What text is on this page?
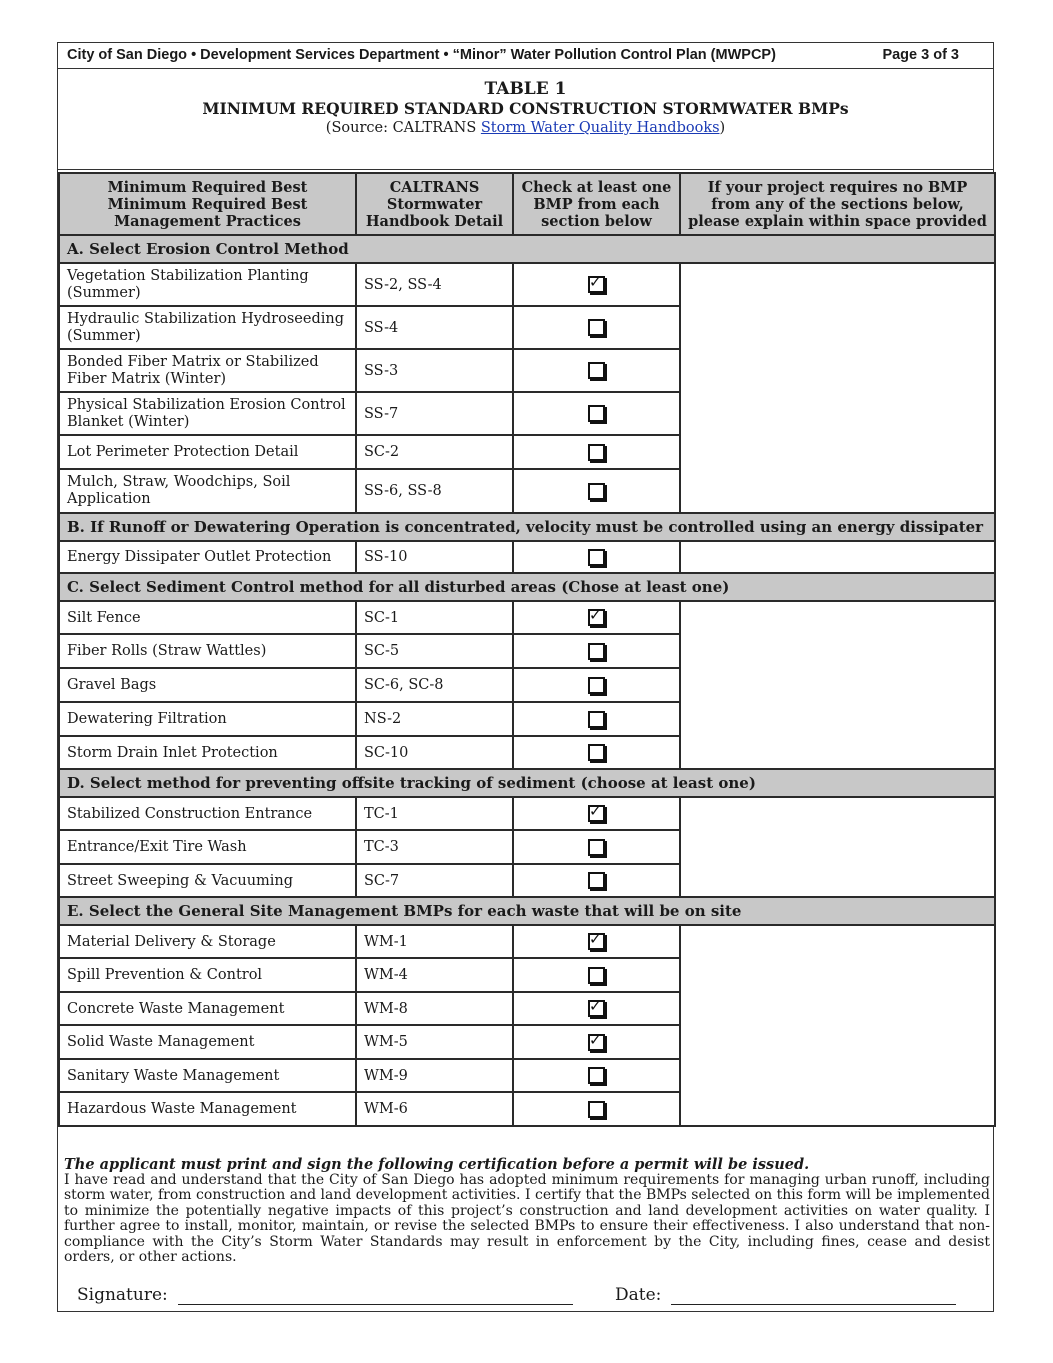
City of San Diego • Development Services Department • “Minor” Water Pollution Control Plan (MWPCP)	Page 3 of 3
TABLE 1
MINIMUM REQUIRED STANDARD CONSTRUCTION STORMWATER BMPs
(Source: CALTRANS Storm Water Quality Handbooks)
Minimum Required Best Minimum Required Best Management Practices	CALTRANS Stormwater Handbook Detail	Check at least one BMP from each section below	If your project requires no BMP from any of the sections below, please explain within space provided
A. Select Erosion Control Method			
Vegetation Stabilization Planting (Summer)	SS-2, SS-4	✓	
Hydraulic Stabilization Hydroseeding (Summer)	SS-4		
Bonded Fiber Matrix or Stabilized Fiber Matrix (Winter)	SS-3		
Physical Stabilization Erosion Control Blanket (Winter)	SS-7		
Lot Perimeter Protection Detail	SC-2		
Mulch, Straw, Woodchips, Soil Application	SS-6, SS-8		
B. If Runoff or Dewatering Operation is concentrated, velocity must be controlled using an energy dissipater			
Energy Dissipater Outlet Protection	SS-10		
C. Select Sediment Control method for all disturbed areas (Chose at least one)			
Silt Fence	SC-1	✓	
Fiber Rolls (Straw Wattles)	SC-5		
Gravel Bags	SC-6, SC-8		
Dewatering Filtration	NS-2		
Storm Drain Inlet Protection	SC-10		
D. Select method for preventing offsite tracking of sediment (choose at least one)			
Stabilized Construction Entrance	TC-1	✓	
Entrance/Exit Tire Wash	TC-3		
Street Sweeping & Vacuuming	SC-7		
E. Select the General Site Management BMPs for each waste that will be on site			
Material Delivery & Storage	WM-1	✓	
Spill Prevention & Control	WM-4		
Concrete Waste Management	WM-8	✓
Solid Waste Management	WM-5	✓
Sanitary Waste Management	WM-9		
Hazardous Waste Management	WM-6		
The applicant must print and sign the following certification before a permit will be issued.
I have read and understand that the City of San Diego has adopted minimum requirements for managing urban runoff, including storm water, from construction and land development activities. I certify that the BMPs selected on this form will be implemented to minimize the potentially negative impacts of this project’s construction and land development activities on water quality. I further agree to install, monitor, maintain, or revise the selected BMPs to ensure their effectiveness. I also understand that non-compliance with the City’s Storm Water Standards may result in enforcement by the City, including fines, cease and desist orders, or other actions.
Signature:	Date:
